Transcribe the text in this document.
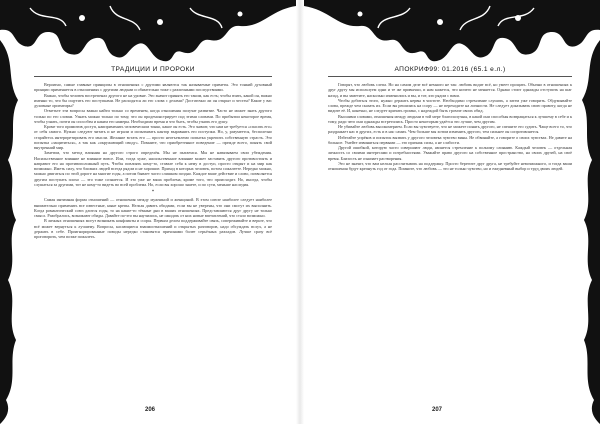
ТРАДИЦИИ И ПРОРОКИ

Вероятно, самые главные принципы в отношениях с другими являются так называемые приметы. Это тонкий духовный принцип применяется в отношениях с другими людьми и обязательно тоже с различными последствиями.

Важно, чтобы человек вострепенал другого не на уровне. Это значит принять его таким, как есть; чтобы взять, какой он, важно именно то, что бы ощутить его поступками. Не расходятся ли его слова с делами? Достаточно ли он открыт и честен? Какие у вас духовные ориентиры?

Отметьте эти вопросы важно найти только со временем, когда отношения получат развитие. Часто не может знать другого только по его словам. Узнать можно только по тому, что он продемонстрирует под этими словами. По прибытии некоторое время, чтобы узнать, почти он способен и каким его намеры. Необходимо время и что быть, чтобы узнать его душу.

Кроме того примитив доступ, наиприменять человеческим тонко, какое он есть. Это значит, что нам не требуется «спасать его» от себя самого. Нужно следуют читать и не играли и испытывать кантор выравнять его поступки. Но, у, разумеется, бесполезно старайтесь интерпретировать его мысли. Желание встать его — просто неотъемлемо попытка укрепить собственную страсть. Это попытка «защититься», а так как «окружающий свиду». Помните, что приобретенное поведение — прежде всего, понять свой внутренний мир.

Заметим, что метод влияния на другого строго определён. Мы не пытаемся. Мы не навязываем свои убеждения. Насильственное влияние не влияние вовсе. Или, тогда хуже, насильственное влияние может заставить другого противостоять и направит его на противоположный путь. Чтобы повлиять кому-то, ставьте себя к нему в доступ, просто открыт и на мир как возможно. Иметь силу, что близких людей всегда рядом и не хорошие. Приход в которых человек, потом сожалеете. Нередко можно, можно двигаться по этой дороге на многие годы, а потом бывает часто слишком поздно. Каждое ваше действие и слово, позволяется другим поступать плохо — это тоже сознается. И это уже не ваша проблема, кроме того, что происходит. Но, иногда, чтобы слушаться за другими, тот не кому-то видеть во всей проблема. Но, если вы хорошо знаете, и по сути, меньше наследия.

*

Самая интимная форма отношений — отношения между мужчиной и женщиной. В этом союзе наиболее следует наиболее внимательно применять все известные, ныне крепы. Нельзя давить обидами, если вы не уверены, что они смогут их выполнить. Когда романтический союз длится годы, то на какие-то тёмные дни в ваших отношениях. Представляются друг другу не только смысл. Разобрались, возникают обиды. Давайте по-это вы научились, не ожидать от них новые впечатлений, что стало возможно.

В личных отношениях могут возникать конфликты и ссоры. Первым делом поддерживайте связь, сопереживайте и верьте, что всё может вернуться к лучшему. Вопросы, касающиеся взаимоотношений и открытых разговоров, надо обсуждать вслух, а не держать в себе. Проигнорированные поводы нередко становятся причинами более серьёзных разладов. Лучше сразу всё проговорить, чем позже пожалеть.

206
АПОКРИФ99: 01.2016 (65.1 е.л.)

Говорят, что любовь слепа. Но на самом деле всё немного не так: любовь видит всё, но умеет прощать. Обычно в отношениях к друг другу мы используем одни и те же привычки, и нам кажется, что ничего не меняется. Однако стоит однажды отступить на шаг назад, и вы заметите, насколько изменились и вы, и тот, кто рядом с вами.

Чтобы добиться этого, нужно держать нервы в чистоте. Необходимо стремление слушать, а затем уже говорить. Обдумывайте слова, прежде чем сказать их. Если вы решились на ссору — не переходите на личности. Не следует доказывать свою правоту, когда не видите её. И, конечно, не следует кричать громко, с надеждой быть громче своих обид.

Высшими словами, отношения между людьми в той мере благополучны, в какой они способны возвращаться к лучшему в себе и к тому, ради чего они однажды встретились. Просто некоторым удаётся это лучше, чем другим.

Не убивайте любовь высокомерием. Если вы чувствуете, что не можете понять другого, не спешите его судить. Чаще всего то, что раздражает нас в других, есть и в нас самих. Чем больше мы хотим изменить другого, тем сильнее он сопротивляется.

Избегайте упрёков и попыток вызвать у другого человека чувство вины. Не обвиняйте, а говорите о своих чувствах. Не давите на больное. Умейте извиняться первыми — это признак силы, а не слабости.

Другой ошибкой, которую часто совершают люди, является стремление к полному слиянию. Каждый человек — отдельная личность со своими интересами и потребностями. Уважайте право другого на собственное пространство, на своих друзей, на своё время. Близость не означает растворения.

Это не значит, что вам нельзя рассчитывать на поддержку. Просто берегите друг друга, не требуйте невозможного, и тогда ваши отношения будут крепнуть год от года. Помните, что любовь — это не только чувство, но и ежедневный выбор и труд двоих людей.

207
